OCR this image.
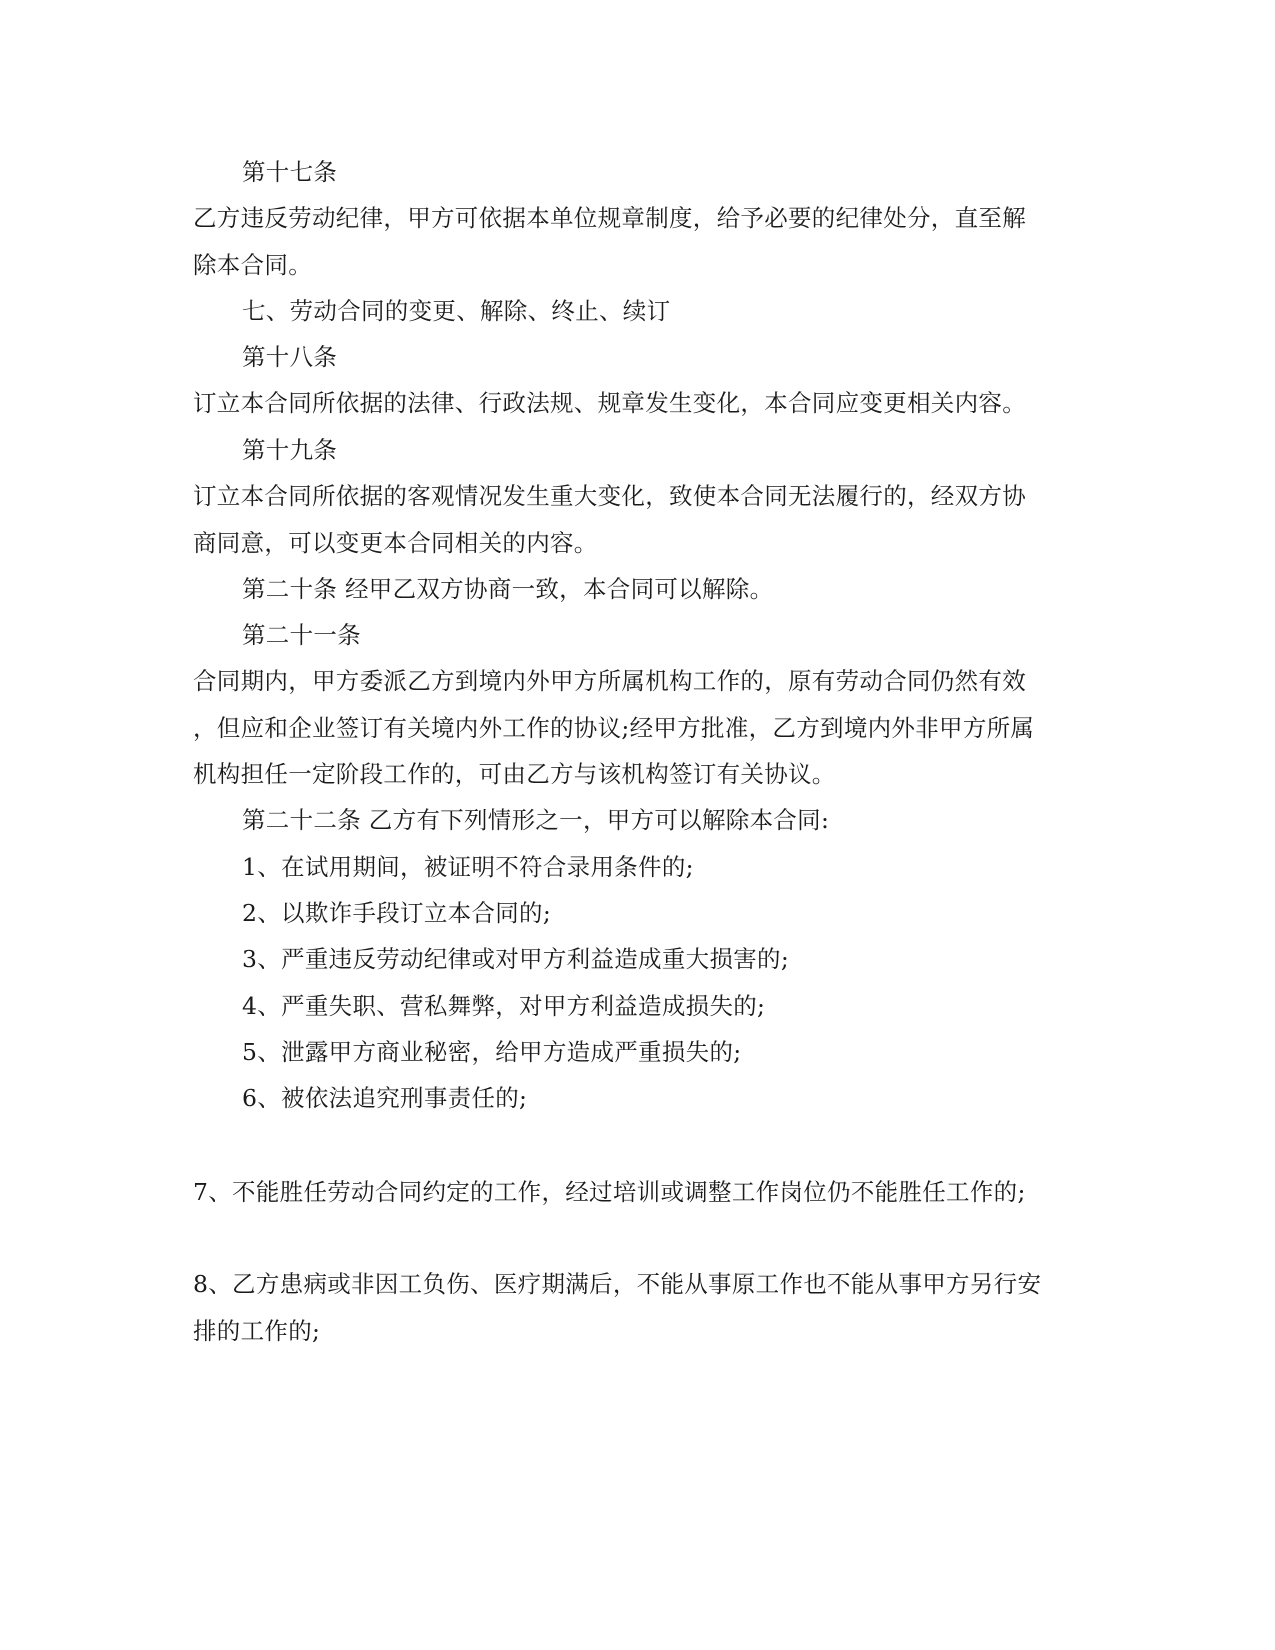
第十七条
乙方违反劳动纪律，甲方可依据本单位规章制度，给予必要的纪律处分，直至解
除本合同。
七、劳动合同的变更、解除、终止、续订
第十八条
订立本合同所依据的法律、行政法规、规章发生变化，本合同应变更相关内容。
第十九条
订立本合同所依据的客观情况发生重大变化，致使本合同无法履行的，经双方协
商同意，可以变更本合同相关的内容。
第二十条 经甲乙双方协商一致，本合同可以解除。
第二十一条
合同期内，甲方委派乙方到境内外甲方所属机构工作的，原有劳动合同仍然有效
，但应和企业签订有关境内外工作的协议;经甲方批准，乙方到境内外非甲方所属
机构担任一定阶段工作的，可由乙方与该机构签订有关协议。
第二十二条 乙方有下列情形之一，甲方可以解除本合同:
1、在试用期间，被证明不符合录用条件的;
2、以欺诈手段订立本合同的;
3、严重违反劳动纪律或对甲方利益造成重大损害的;
4、严重失职、营私舞弊，对甲方利益造成损失的;
5、泄露甲方商业秘密，给甲方造成严重损失的;
6、被依法追究刑事责任的;
7、不能胜任劳动合同约定的工作，经过培训或调整工作岗位仍不能胜任工作的;
8、乙方患病或非因工负伤、医疗期满后，不能从事原工作也不能从事甲方另行安
排的工作的;
